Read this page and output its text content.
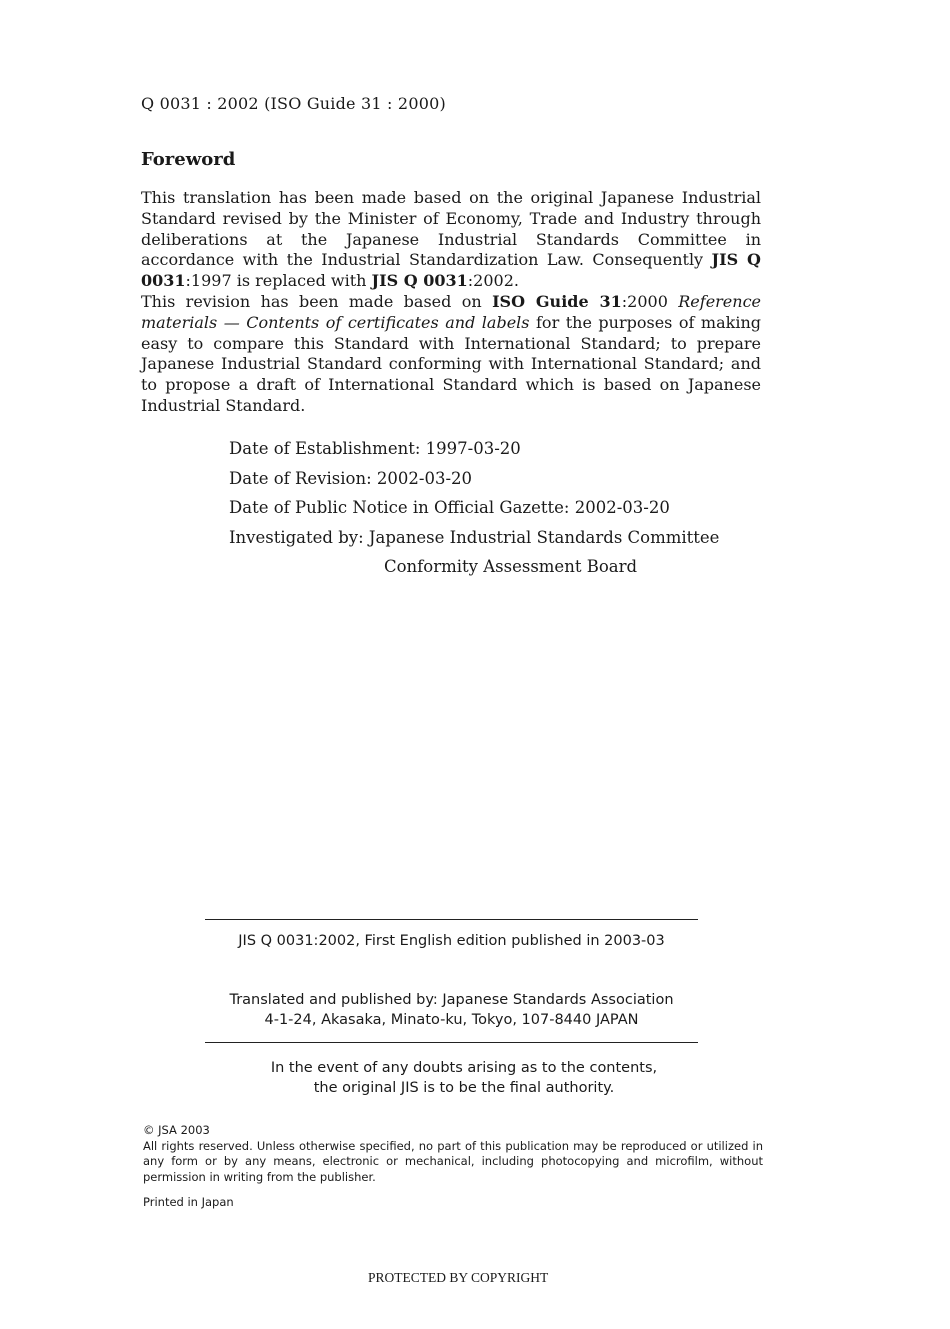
Q 0031 : 2002 (ISO Guide 31 : 2000)
Foreword

This translation has been made based on the original Japanese Industrial Standard revised by the Minister of Economy, Trade and Industry through deliberations at the Japanese Industrial Standards Committee in accordance with the Industrial Standardization Law. Consequently JIS Q 0031:1997 is replaced with JIS Q 0031:2002.

This revision has been made based on ISO Guide 31:2000 Reference materials — Contents of certificates and labels for the purposes of making easy to compare this Standard with International Standard; to prepare Japanese Industrial Standard conforming with International Standard; and to propose a draft of International Standard which is based on Japanese Industrial Standard.

Date of Establishment: 1997-03-20
Date of Revision: 2002-03-20
Date of Public Notice in Official Gazette: 2002-03-20
Investigated by: Japanese Industrial Standards Committee
Conformity Assessment Board
JIS Q 0031:2002, First English edition published in 2003-03
Translated and published by: Japanese Standards Association
4-1-24, Akasaka, Minato-ku, Tokyo, 107-8440 JAPAN
In the event of any doubts arising as to the contents,
the original JIS is to be the final authority.
© JSA 2003
All rights reserved. Unless otherwise specified, no part of this publication may be reproduced or utilized in any form or by any means, electronic or mechanical, including photocopying and microfilm, without permission in writing from the publisher.
Printed in Japan
PROTECTED BY COPYRIGHT
